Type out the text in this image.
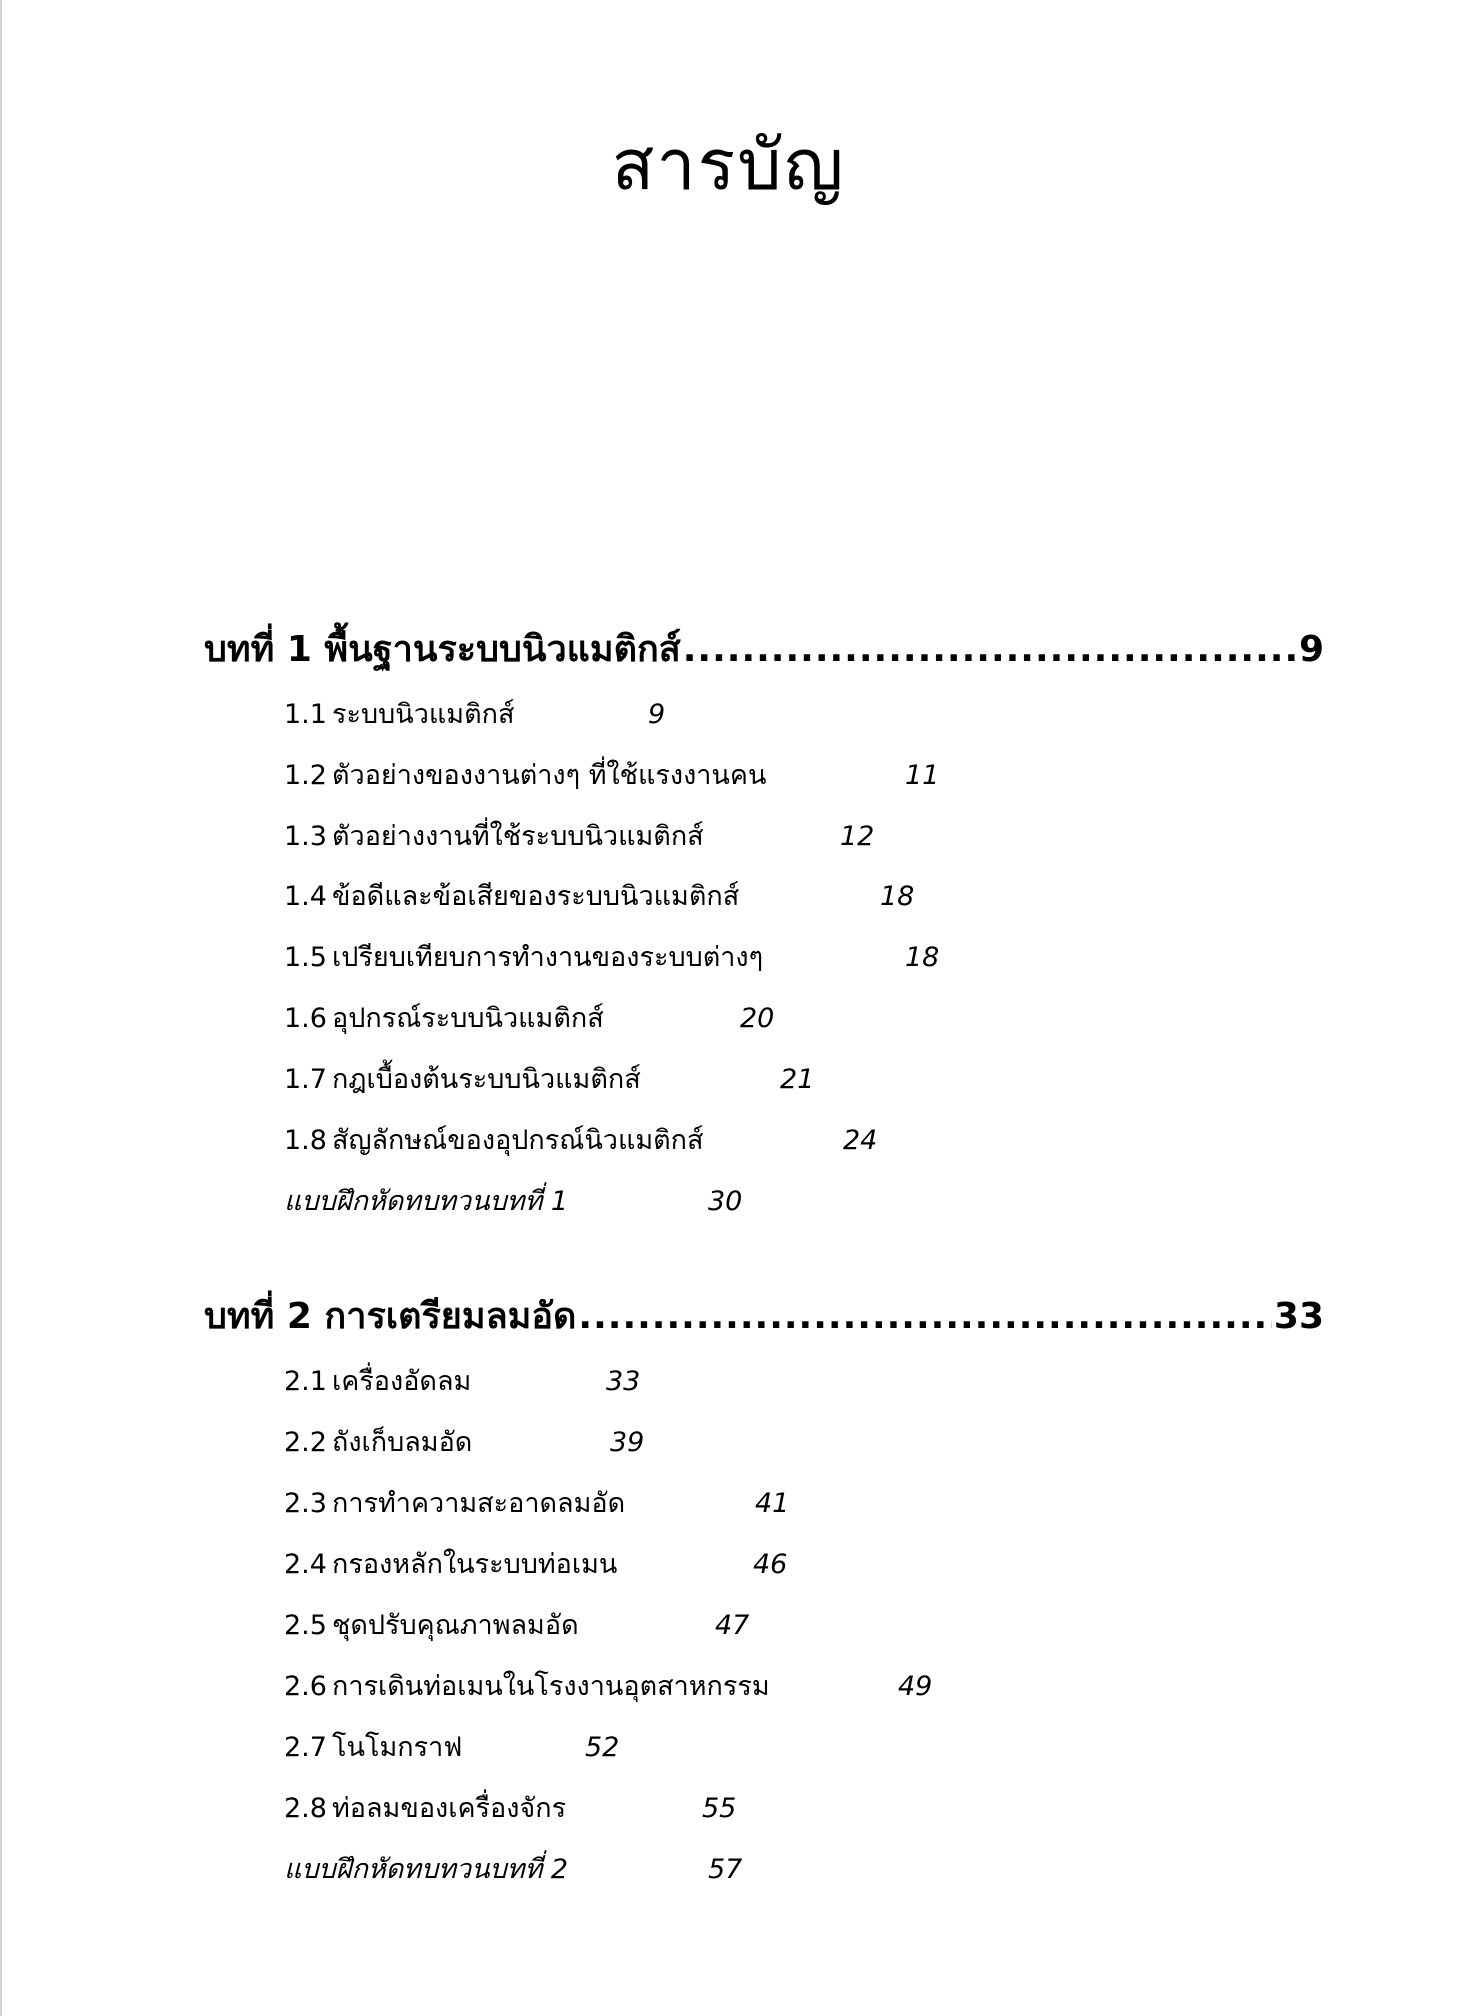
สารบัญ
บทที่ 1 พื้นฐานระบบนิวแมติกส์ .....	9
1.1 ระบบนิวแมติกส์	9
1.2 ตัวอย่างของงานต่างๆ ที่ใช้แรงงานคน	11
1.3 ตัวอย่างงานที่ใช้ระบบนิวแมติกส์	12
1.4 ข้อดีและข้อเสียของระบบนิวแมติกส์	18
1.5 เปรียบเทียบการทำงานของระบบต่างๆ	18
1.6 อุปกรณ์ระบบนิวแมติกส์	20
1.7 กฎเบื้องต้นระบบนิวแมติกส์	21
1.8 สัญลักษณ์ของอุปกรณ์นิวแมติกส์	24
แบบฝึกหัดทบทวนบทที่ 1	30
บทที่ 2 การเตรียมลมอัด .....	33
2.1 เครื่องอัดลม	33
2.2 ถังเก็บลมอัด	39
2.3 การทำความสะอาดลมอัด	41
2.4 กรองหลักในระบบท่อเมน	46
2.5 ชุดปรับคุณภาพลมอัด	47
2.6 การเดินท่อเมนในโรงงานอุตสาหกรรม	49
2.7 โนโมกราฟ	52
2.8 ท่อลมของเครื่องจักร	55
แบบฝึกหัดทบทวนบทที่ 2	57
